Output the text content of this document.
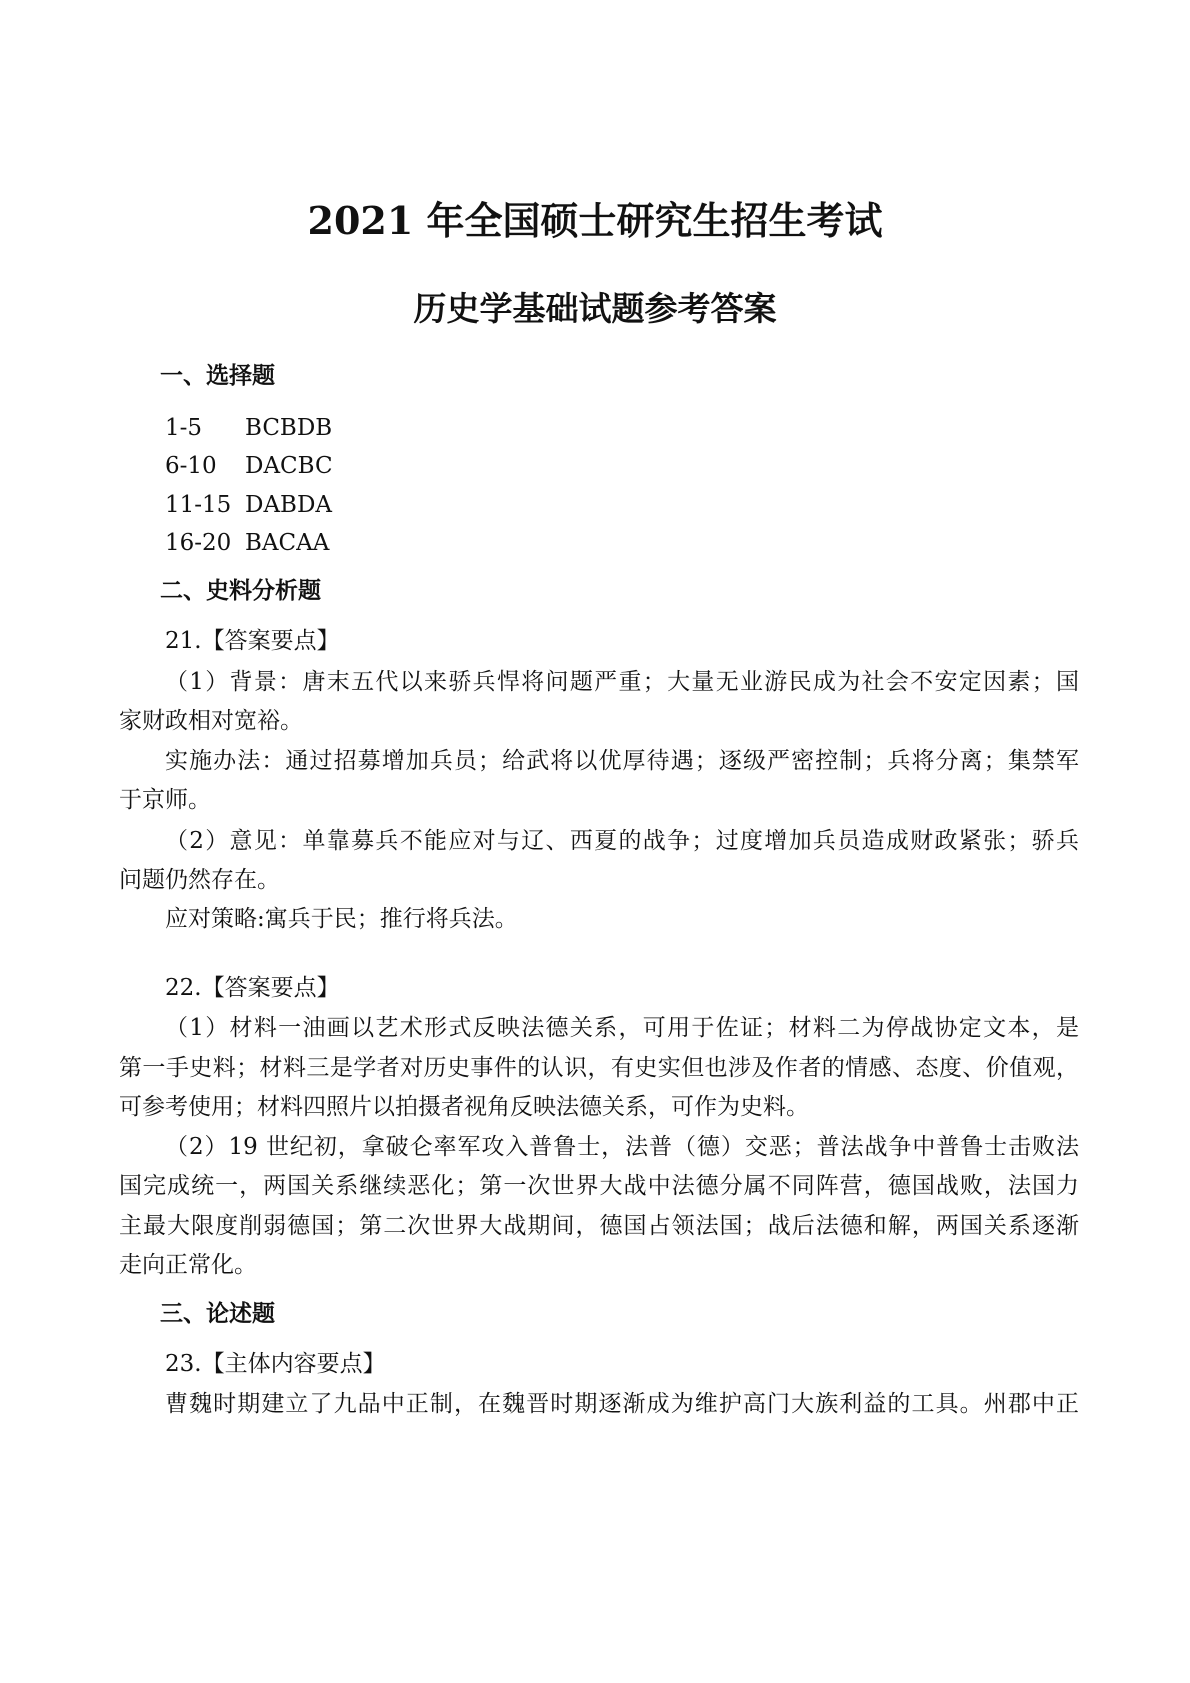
2021 年全国硕士研究生招生考试
历史学基础试题参考答案
一、选择题
1-5 BCBDB
6-10 DACBC
11-15 DABDA
16-20 BACAA
二、史料分析题
21.【答案要点】
（1）背景：唐末五代以来骄兵悍将问题严重；大量无业游民成为社会不安定因素；国
家财政相对宽裕。
实施办法：通过招募增加兵员；给武将以优厚待遇；逐级严密控制；兵将分离；集禁军
于京师。
（2）意见：单靠募兵不能应对与辽、西夏的战争；过度增加兵员造成财政紧张；骄兵
问题仍然存在。
应对策略:寓兵于民；推行将兵法。
22.【答案要点】
（1）材料一油画以艺术形式反映法德关系，可用于佐证；材料二为停战协定文本，是
第一手史料；材料三是学者对历史事件的认识，有史实但也涉及作者的情感、态度、价值观，
可参考使用；材料四照片以拍摄者视角反映法德关系，可作为史料。
（2）19 世纪初，拿破仑率军攻入普鲁士，法普（德）交恶；普法战争中普鲁士击败法
国完成统一，两国关系继续恶化；第一次世界大战中法德分属不同阵营，德国战败，法国力
主最大限度削弱德国；第二次世界大战期间，德国占领法国；战后法德和解，两国关系逐渐
走向正常化。
三、论述题
23.【主体内容要点】
曹魏时期建立了九品中正制，在魏晋时期逐渐成为维护高门大族利益的工具。州郡中正
